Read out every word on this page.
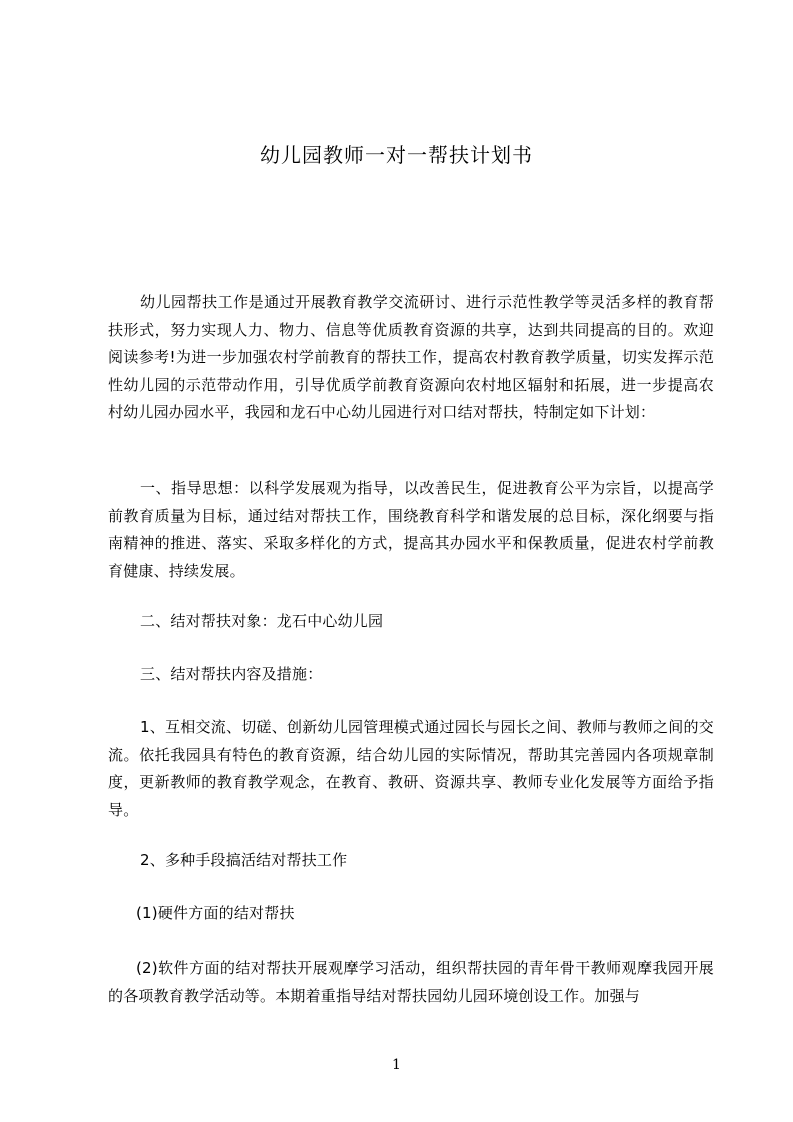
幼儿园教师一对一帮扶计划书

幼儿园帮扶工作是通过开展教育教学交流研讨、进行示范性教学等灵活多样的教育帮扶形式，努力实现人力、物力、信息等优质教育资源的共享，达到共同提高的目的。欢迎阅读参考!为进一步加强农村学前教育的帮扶工作，提高农村教育教学质量，切实发挥示范性幼儿园的示范带动作用，引导优质学前教育资源向农村地区辐射和拓展，进一步提高农村幼儿园办园水平，我园和龙石中心幼儿园进行对口结对帮扶，特制定如下计划：

一、指导思想：以科学发展观为指导，以改善民生，促进教育公平为宗旨，以提高学前教育质量为目标，通过结对帮扶工作，围绕教育科学和谐发展的总目标，深化纲要与指南精神的推进、落实、采取多样化的方式，提高其办园水平和保教质量，促进农村学前教育健康、持续发展。

二、结对帮扶对象：龙石中心幼儿园

三、结对帮扶内容及措施：

1、互相交流、切磋、创新幼儿园管理模式通过园长与园长之间、教师与教师之间的交流。依托我园具有特色的教育资源，结合幼儿园的实际情况，帮助其完善园内各项规章制度，更新教师的教育教学观念，在教育、教研、资源共享、教师专业化发展等方面给予指导。

2、多种手段搞活结对帮扶工作

(1)硬件方面的结对帮扶

(2)软件方面的结对帮扶开展观摩学习活动，组织帮扶园的青年骨干教师观摩我园开展的各项教育教学活动等。本期着重指导结对帮扶园幼儿园环境创设工作。加强与

1
